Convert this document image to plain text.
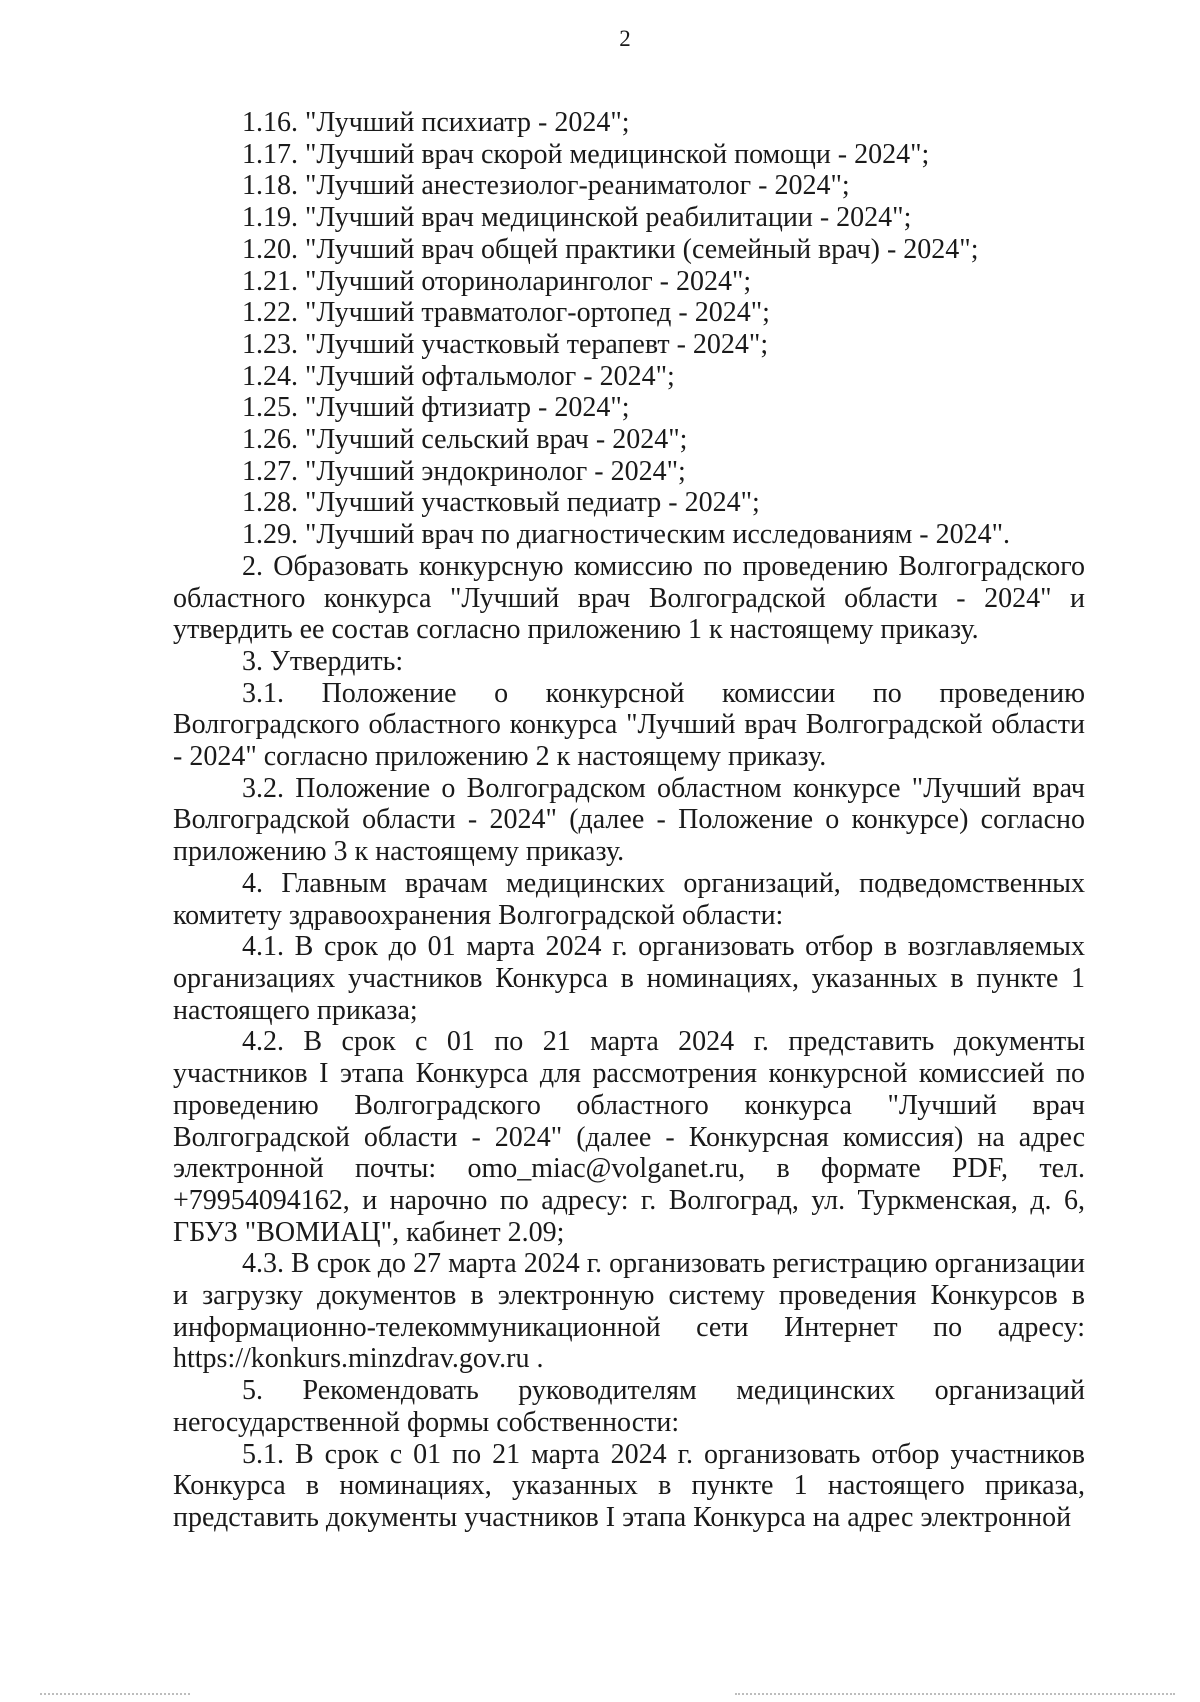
2
1.16. "Лучший психиатр - 2024";
1.17. "Лучший врач скорой медицинской помощи - 2024";
1.18. "Лучший анестезиолог-реаниматолог - 2024";
1.19. "Лучший врач медицинской реабилитации - 2024";
1.20. "Лучший врач общей практики (семейный врач) - 2024";
1.21. "Лучший оториноларинголог - 2024";
1.22. "Лучший травматолог-ортопед - 2024";
1.23. "Лучший участковый терапевт - 2024";
1.24. "Лучший офтальмолог - 2024";
1.25. "Лучший фтизиатр - 2024";
1.26. "Лучший сельский врач - 2024";
1.27. "Лучший эндокринолог - 2024";
1.28. "Лучший участковый педиатр - 2024";
1.29. "Лучший врач по диагностическим исследованиям - 2024".
2. Образовать конкурсную комиссию по проведению Волгоградского областного конкурса "Лучший врач Волгоградской области - 2024" и утвердить ее состав согласно приложению 1 к настоящему приказу.
3. Утвердить:
3.1. Положение о конкурсной комиссии по проведению Волгоградского областного конкурса "Лучший врач Волгоградской области - 2024" согласно приложению 2 к настоящему приказу.
3.2. Положение о Волгоградском областном конкурсе "Лучший врач Волгоградской области - 2024" (далее - Положение о конкурсе) согласно приложению 3 к настоящему приказу.
4. Главным врачам медицинских организаций, подведомственных комитету здравоохранения Волгоградской области:
4.1. В срок до 01 марта 2024 г. организовать отбор в возглавляемых организациях участников Конкурса в номинациях, указанных в пункте 1 настоящего приказа;
4.2. В срок с 01 по 21 марта 2024 г. представить документы участников I этапа Конкурса для рассмотрения конкурсной комиссией по проведению Волгоградского областного конкурса "Лучший врач Волгоградской области - 2024" (далее - Конкурсная комиссия) на адрес электронной почты: omo_miac@volganet.ru, в формате PDF, тел. +79954094162, и нарочно по адресу: г. Волгоград, ул. Туркменская, д. 6, ГБУЗ "ВОМИАЦ", кабинет 2.09;
4.3. В срок до 27 марта 2024 г. организовать регистрацию организации и загрузку документов в электронную систему проведения Конкурсов в информационно-телекоммуникационной сети Интернет по адресу: https://konkurs.minzdrav.gov.ru .
5. Рекомендовать руководителям медицинских организаций негосударственной формы собственности:
5.1. В срок с 01 по 21 марта 2024 г. организовать отбор участников Конкурса в номинациях, указанных в пункте 1 настоящего приказа, представить документы участников I этапа Конкурса на адрес электронной
